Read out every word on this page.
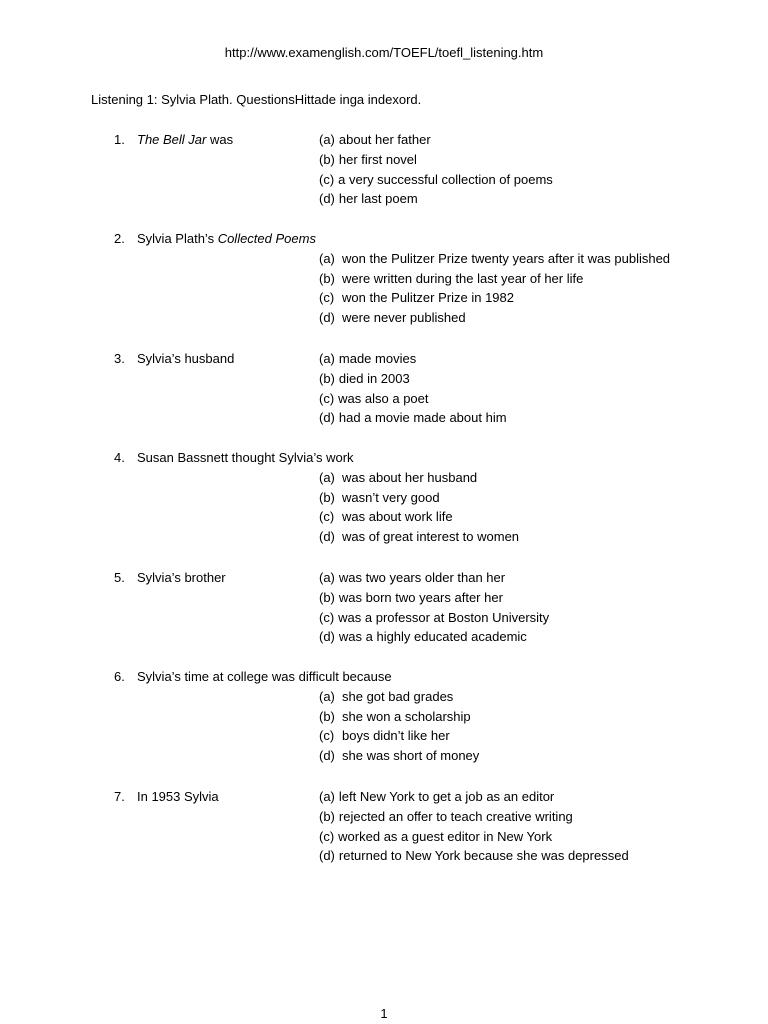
http://www.examenglish.com/TOEFL/toefl_listening.htm
Listening 1: Sylvia Plath. QuestionsHittade inga indexord.
1. The Bell Jar was	(a) about her father
(b) her first novel
(c) a very successful collection of poems
(d) her last poem
2. Sylvia Plath’s Collected Poems
(a) won the Pulitzer Prize twenty years after it was published
(b) were written during the last year of her life
(c) won the Pulitzer Prize in 1982
(d) were never published
3. Sylvia’s husband	(a) made movies
(b) died in 2003
(c) was also a poet
(d) had a movie made about him
4. Susan Bassnett thought Sylvia’s work
(a) was about her husband
(b) wasn’t very good
(c) was about work life
(d) was of great interest to women
5. Sylvia’s brother	(a) was two years older than her
(b) was born two years after her
(c) was a professor at Boston University
(d) was a highly educated academic
6. Sylvia’s time at college was difficult because
(a) she got bad grades
(b) she won a scholarship
(c) boys didn’t like her
(d) she was short of money
7. In 1953 Sylvia	(a) left New York to get a job as an editor
(b) rejected an offer to teach creative writing
(c) worked as a guest editor in New York
(d) returned to New York because she was depressed
1
